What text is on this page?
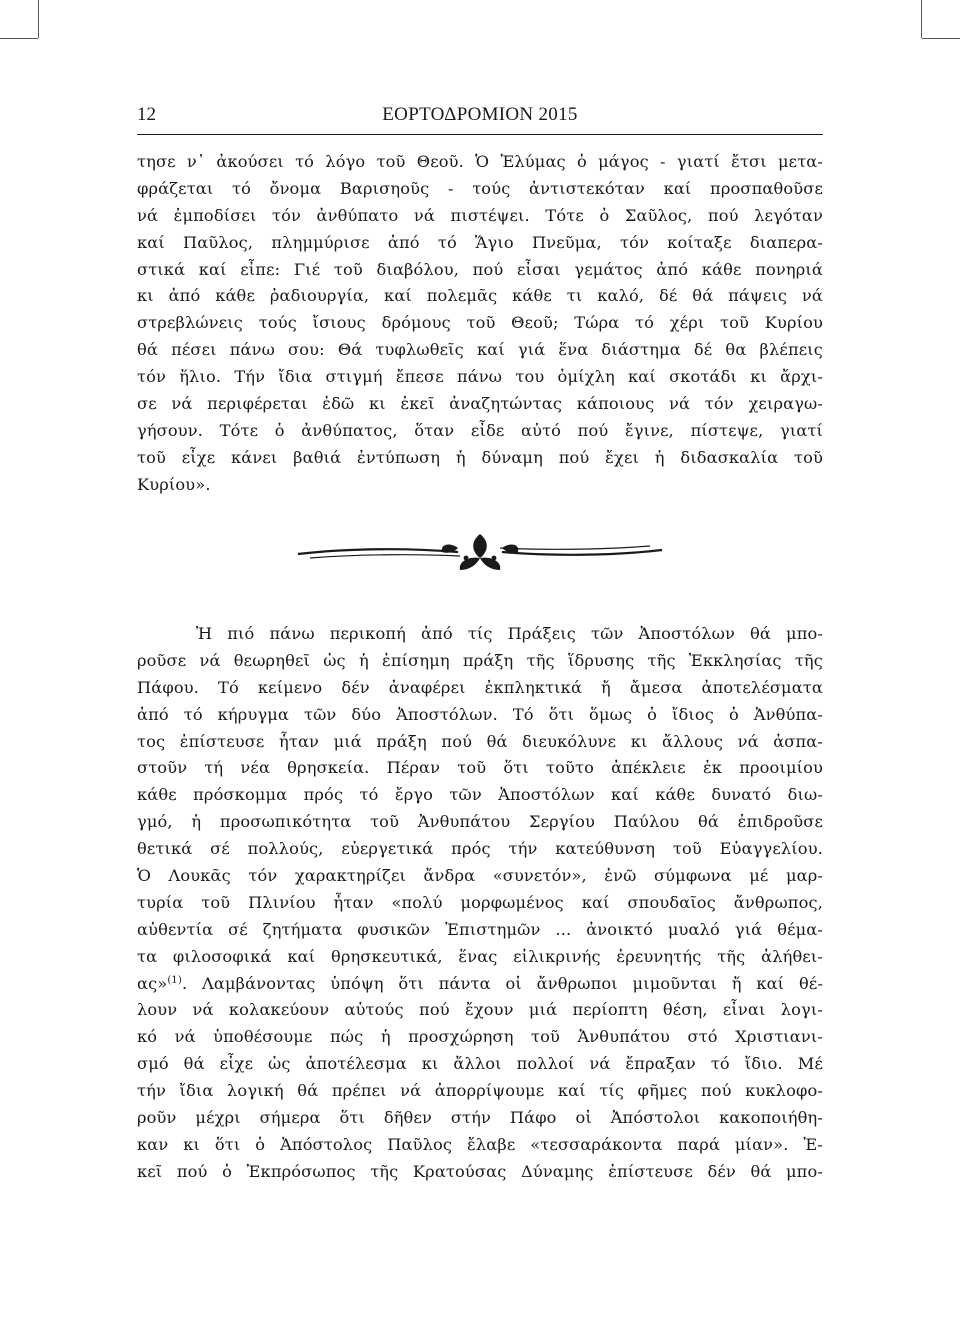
12	ΕΟΡΤΟΔΡΟΜΙΟΝ 2015
τησε ν᾽ ἀκούσει τό λόγο τοῦ Θεοῦ. Ὁ Ἐλύμας ὁ μάγος - γιατί ἔτσι μετα-
φράζεται τό ὄνομα Βαρισηοῦς - τούς ἀντιστεκόταν καί προσπαθοῦσε
νά ἐμποδίσει τόν ἀνθύπατο νά πιστέψει. Τότε ὁ Σαῦλος, πού λεγόταν
καί Παῦλος, πλημμύρισε ἀπό τό Ἅγιο Πνεῦμα, τόν κοίταξε διαπερα-
στικά καί εἶπε: Γιέ τοῦ διαβόλου, πού εἶσαι γεμάτος ἀπό κάθε πονηριά
κι ἀπό κάθε ῥαδιουργία, καί πολεμᾶς κάθε τι καλό, δέ θά πάψεις νά
στρεβλώνεις τούς ἴσιους δρόμους τοῦ Θεοῦ; Τώρα τό χέρι τοῦ Κυρίου
θά πέσει πάνω σου: Θά τυφλωθεῖς καί γιά ἕνα διάστημα δέ θα βλέπεις
τόν ἥλιο. Τήν ἴδια στιγμή ἔπεσε πάνω του ὁμίχλη καί σκοτάδι κι ἄρχι-
σε νά περιφέρεται ἐδῶ κι ἐκεῖ ἀναζητώντας κάποιους νά τόν χειραγω-
γήσουν. Τότε ὁ ἀνθύπατος, ὅταν εἶδε αὐτό πού ἔγινε, πίστεψε, γιατί
τοῦ εἶχε κάνει βαθιά ἐντύπωση ἡ δύναμη πού ἔχει ἡ διδασκαλία τοῦ
Κυρίου».
Ἡ πιό πάνω περικοπή ἀπό τίς Πράξεις τῶν Ἀποστόλων θά μπο-
ροῦσε νά θεωρηθεῖ ὡς ἡ ἐπίσημη πράξη τῆς ἵδρυσης τῆς Ἐκκλησίας τῆς
Πάφου. Τό κείμενο δέν ἀναφέρει ἐκπληκτικά ἤ ἄμεσα ἀποτελέσματα
ἀπό τό κήρυγμα τῶν δύο Ἀποστόλων. Τό ὅτι ὅμως ὁ ἴδιος ὁ Ἀνθύπα-
τος ἐπίστευσε ἦταν μιά πράξη πού θά διευκόλυνε κι ἄλλους νά ἀσπα-
στοῦν τή νέα θρησκεία. Πέραν τοῦ ὅτι τοῦτο ἀπέκλειε ἐκ προοιμίου
κάθε πρόσκομμα πρός τό ἔργο τῶν Ἀποστόλων καί κάθε δυνατό διω-
γμό, ἡ προσωπικότητα τοῦ Ἀνθυπάτου Σεργίου Παύλου θά ἐπιδροῦσε
θετικά σέ πολλούς, εὐεργετικά πρός τήν κατεύθυνση τοῦ Εὐαγγελίου.
Ὁ Λουκᾶς τόν χαρακτηρίζει ἄνδρα «συνετόν», ἐνῶ σύμφωνα μέ μαρ-
τυρία τοῦ Πλινίου ἦταν «πολύ μορφωμένος καί σπουδαῖος ἄνθρωπος,
αὐθεντία σέ ζητήματα φυσικῶν Ἐπιστημῶν ... ἀνοικτό μυαλό γιά θέμα-
τα φιλοσοφικά καί θρησκευτικά, ἕνας εἰλικρινής ἐρευνητής τῆς ἀλήθει-
ας»$^{(1)}$. Λαμβάνοντας ὑπόψη ὅτι πάντα οἱ ἄνθρωποι μιμοῦνται ἤ καί θέ-
λουν νά κολακεύουν αὐτούς πού ἔχουν μιά περίοπτη θέση, εἶναι λογι-
κό νά ὑποθέσουμε πώς ἡ προσχώρηση τοῦ Ἀνθυπάτου στό Χριστιανι-
σμό θά εἶχε ὡς ἀποτέλεσμα κι ἄλλοι πολλοί νά ἔπραξαν τό ἴδιο. Μέ
τήν ἴδια λογική θά πρέπει νά ἀπορρίψουμε καί τίς φῆμες πού κυκλοφο-
ροῦν μέχρι σήμερα ὅτι δῆθεν στήν Πάφο οἱ Ἀπόστολοι κακοποιήθη-
καν κι ὅτι ὁ Ἀπόστολος Παῦλος ἔλαβε «τεσσαράκοντα παρά μίαν». Ἐ-
κεῖ πού ὁ Ἐκπρόσωπος τῆς Κρατούσας Δύναμης ἐπίστευσε δέν θά μπο-
